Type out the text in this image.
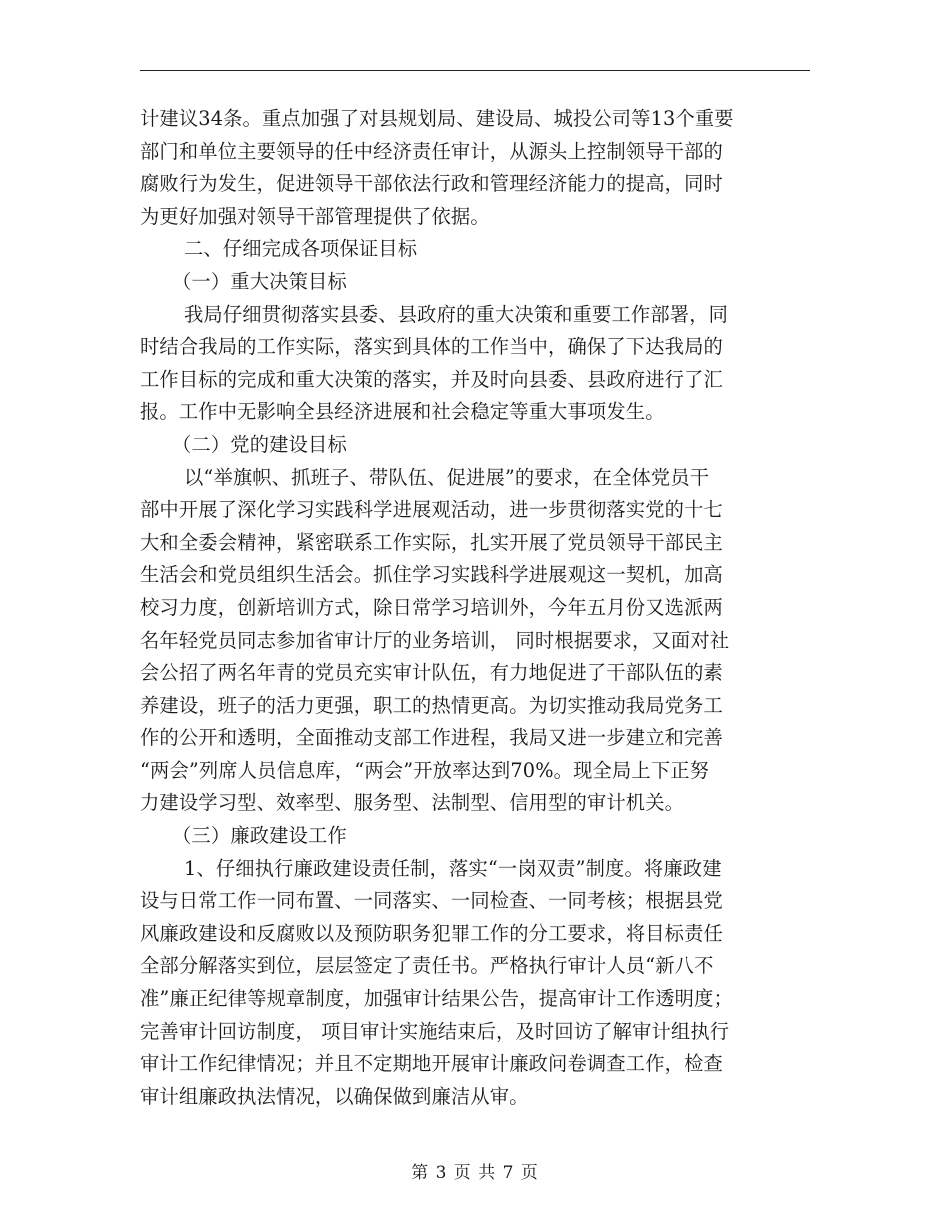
计建议34条。重点加强了对县规划局、建设局、城投公司等13个重要
部门和单位主要领导的任中经济责任审计，从源头上控制领导干部的
腐败行为发生，促进领导干部依法行政和管理经济能力的提高，同时
为更好加强对领导干部管理提供了依据。
二、仔细完成各项保证目标
（一）重大决策目标
我局仔细贯彻落实县委、县政府的重大决策和重要工作部署，同
时结合我局的工作实际，落实到具体的工作当中，确保了下达我局的
工作目标的完成和重大决策的落实，并及时向县委、县政府进行了汇
报。工作中无影响全县经济进展和社会稳定等重大事项发生。
（二）党的建设目标
以“举旗帜、抓班子、带队伍、促进展”的要求，在全体党员干
部中开展了深化学习实践科学进展观活动，进一步贯彻落实党的十七
大和全委会精神，紧密联系工作实际，扎实开展了党员领导干部民主
生活会和党员组织生活会。抓住学习实践科学进展观这一契机，加高
校习力度，创新培训方式，除日常学习培训外，今年五月份又选派两
名年轻党员同志参加省审计厅的业务培训， 同时根据要求，又面对社
会公招了两名年青的党员充实审计队伍，有力地促进了干部队伍的素
养建设，班子的活力更强，职工的热情更高。为切实推动我局党务工
作的公开和透明，全面推动支部工作进程，我局又进一步建立和完善
“两会”列席人员信息库，“两会”开放率达到70%。现全局上下正努
力建设学习型、效率型、服务型、法制型、信用型的审计机关。
（三）廉政建设工作
1、仔细执行廉政建设责任制，落实“一岗双责”制度。将廉政建
设与日常工作一同布置、一同落实、一同检查、一同考核；根据县党
风廉政建设和反腐败以及预防职务犯罪工作的分工要求，将目标责任
全部分解落实到位，层层签定了责任书。严格执行审计人员“新八不
准”廉正纪律等规章制度，加强审计结果公告，提高审计工作透明度；
完善审计回访制度， 项目审计实施结束后，及时回访了解审计组执行
审计工作纪律情况；并且不定期地开展审计廉政问卷调查工作，检查
审计组廉政执法情况，以确保做到廉洁从审。
第 3 页 共 7 页
